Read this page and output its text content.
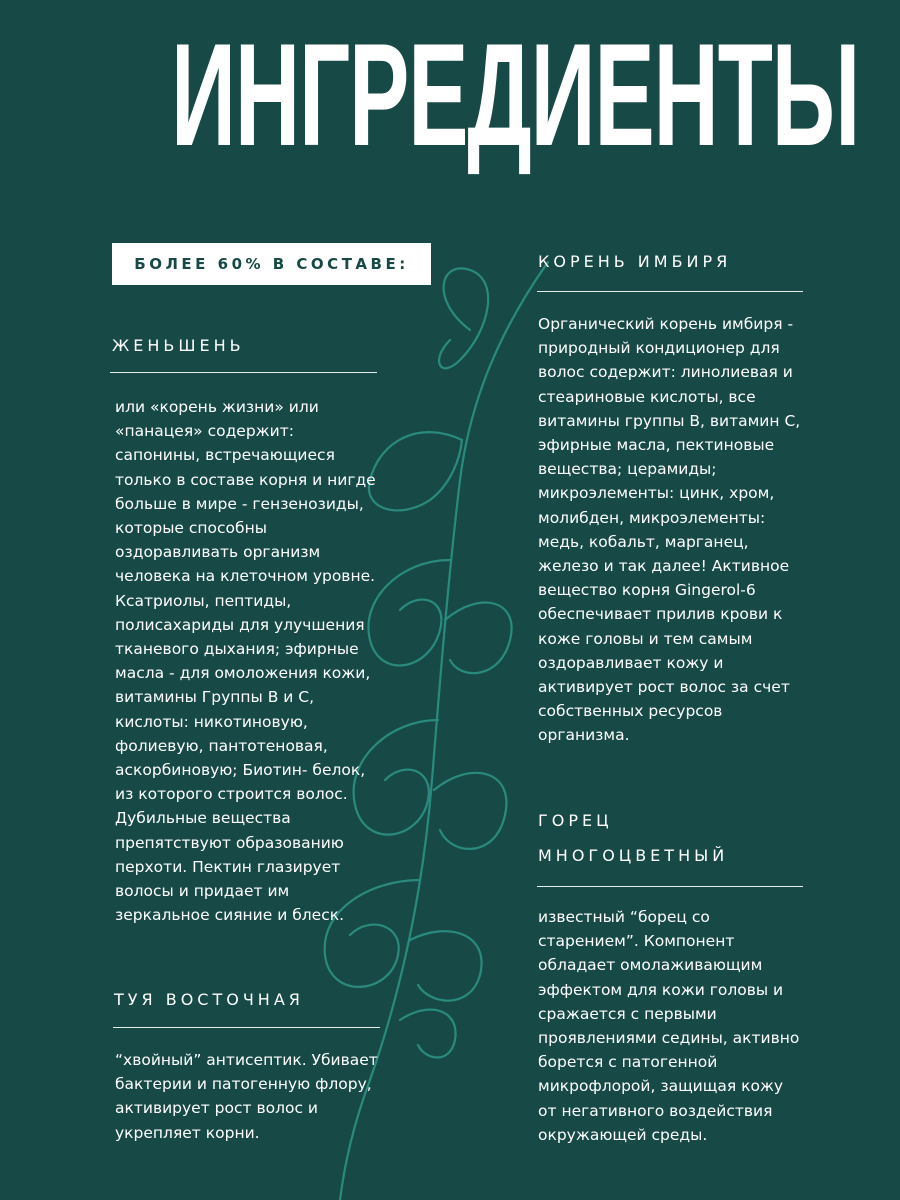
ИНГРЕДИЕНТЫ
БОЛЕЕ 60% В СОСТАВЕ:
ЖЕНЬШЕНЬ
или «корень жизни» или
«панацея» содержит:
сапонины, встречающиеся
только в составе корня и нигде
больше в мире - гензенозиды,
которые способны
оздоравливать организм
человека на клеточном уровне.
Ксатриолы, пептиды,
полисахариды для улучшения
тканевого дыхания; эфирные
масла - для омоложения кожи,
витамины Группы В и С,
кислоты: никотиновую,
фолиевую, пантотеновая,
аскорбиновую; Биотин- белок,
из которого строится волос.
Дубильные вещества
препятствуют образованию
перхоти. Пектин глазирует
волосы и придает им
зеркальное сияние и блеск.
ТУЯ ВОСТОЧНАЯ
“хвойный” антисептик. Убивает
бактерии и патогенную флору,
активирует рост волос и
укрепляет корни.
КОРЕНЬ ИМБИРЯ
Органический корень имбиря -
природный кондиционер для
волос содержит: линолиевая и
стеариновые кислоты, все
витамины группы В, витамин С,
эфирные масла, пектиновые
вещества; церамиды;
микроэлементы: цинк, хром,
молибден, микроэлементы:
медь, кобальт, марганец,
железо и так далее! Активное
вещество корня Gingerol-6
обеспечивает прилив крови к
коже головы и тем самым
оздоравливает кожу и
активирует рост волос за счет
собственных ресурсов
организма.
ГОРЕЦ
МНОГОЦВЕТНЫЙ
известный “борец со
старением”. Компонент
обладает омолаживающим
эффектом для кожи головы и
сражается с первыми
проявлениями седины, активно
борется с патогенной
микрофлорой, защищая кожу
от негативного воздействия
окружающей среды.
